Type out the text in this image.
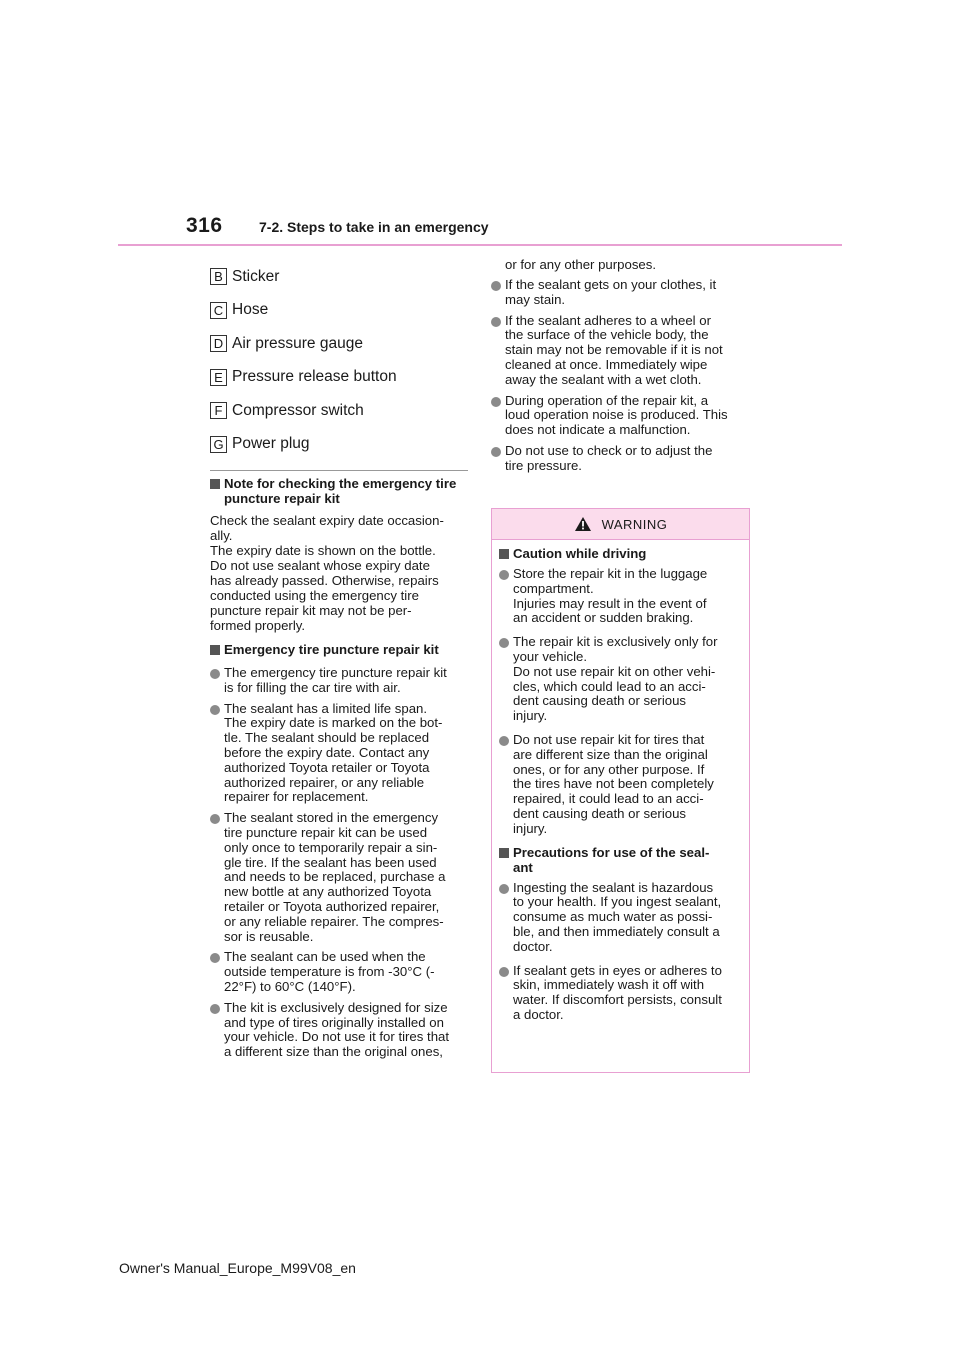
316	7-2. Steps to take in an emergency
B Sticker
C Hose
D Air pressure gauge
E Pressure release button
F Compressor switch
G Power plug
Note for checking the emergency tire puncture repair kit
Check the sealant expiry date occasion-
ally.
The expiry date is shown on the bottle.
Do not use sealant whose expiry date
has already passed. Otherwise, repairs
conducted using the emergency tire
puncture repair kit may not be per-
formed properly.
Emergency tire puncture repair kit
The emergency tire puncture repair kit
is for filling the car tire with air.
The sealant has a limited life span.
The expiry date is marked on the bot-
tle. The sealant should be replaced
before the expiry date. Contact any
authorized Toyota retailer or Toyota
authorized repairer, or any reliable
repairer for replacement.
The sealant stored in the emergency
tire puncture repair kit can be used
only once to temporarily repair a sin-
gle tire. If the sealant has been used
and needs to be replaced, purchase a
new bottle at any authorized Toyota
retailer or Toyota authorized repairer,
or any reliable repairer. The compres-
sor is reusable.
The sealant can be used when the
outside temperature is from -30°C (-
22°F) to 60°C (140°F).
The kit is exclusively designed for size
and type of tires originally installed on
your vehicle. Do not use it for tires that
a different size than the original ones,
or for any other purposes.
If the sealant gets on your clothes, it
may stain.
If the sealant adheres to a wheel or
the surface of the vehicle body, the
stain may not be removable if it is not
cleaned at once. Immediately wipe
away the sealant with a wet cloth.
During operation of the repair kit, a
loud operation noise is produced. This
does not indicate a malfunction.
Do not use to check or to adjust the
tire pressure.
WARNING
Caution while driving
Store the repair kit in the luggage
compartment.
Injuries may result in the event of
an accident or sudden braking.
The repair kit is exclusively only for
your vehicle.
Do not use repair kit on other vehi-
cles, which could lead to an acci-
dent causing death or serious
injury.
Do not use repair kit for tires that
are different size than the original
ones, or for any other purpose. If
the tires have not been completely
repaired, it could lead to an acci-
dent causing death or serious
injury.
Precautions for use of the seal-
ant
Ingesting the sealant is hazardous
to your health. If you ingest sealant,
consume as much water as possi-
ble, and then immediately consult a
doctor.
If sealant gets in eyes or adheres to
skin, immediately wash it off with
water. If discomfort persists, consult
a doctor.
Owner's Manual_Europe_M99V08_en
